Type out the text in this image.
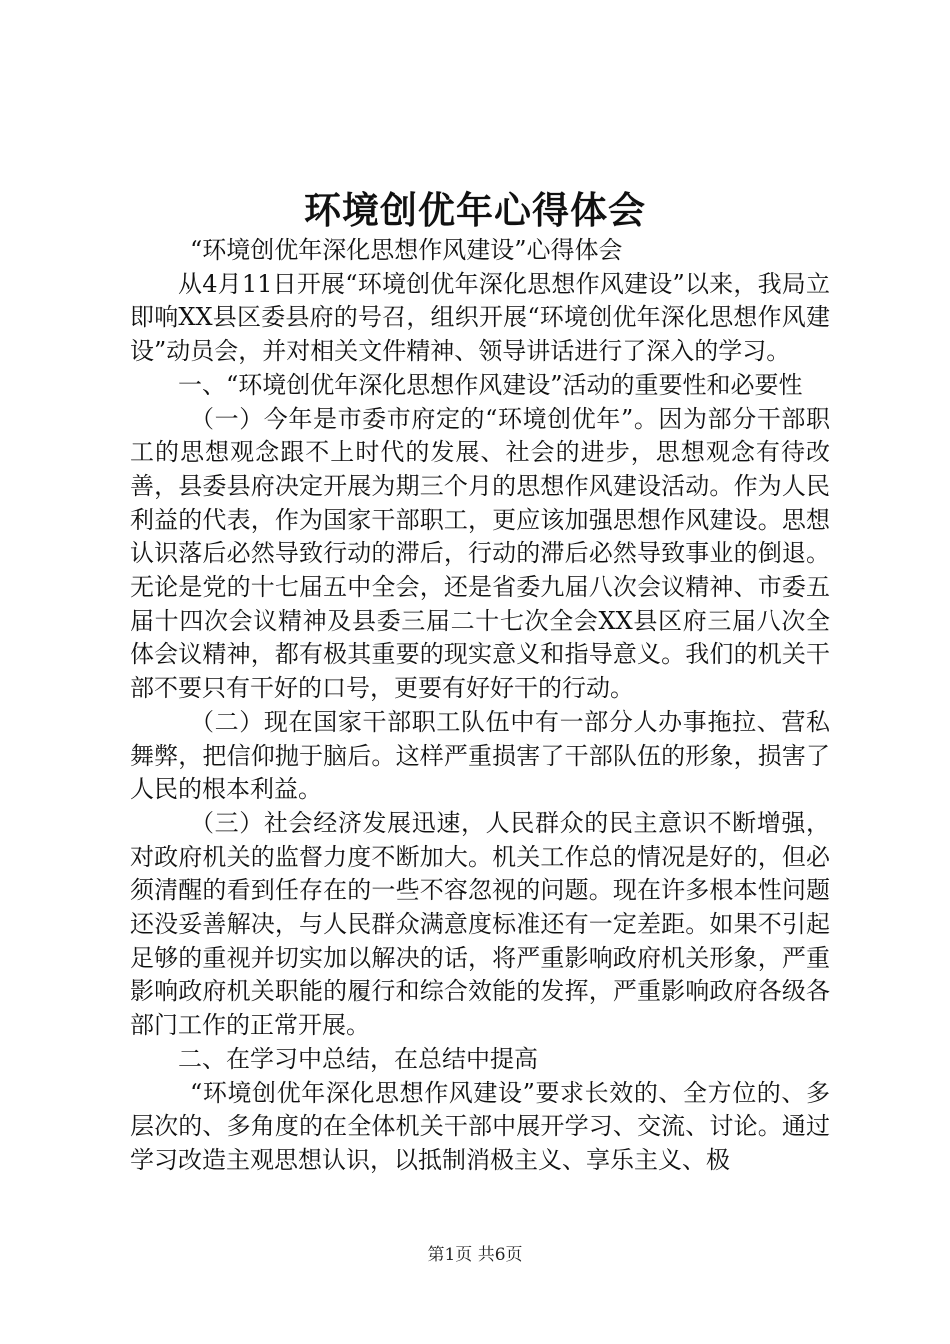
环境创优年心得体会

“环境创优年深化思想作风建设”心得体会

从4月11日开展“环境创优年深化思想作风建设”以来，我局立即响XX县区委县府的号召，组织开展“环境创优年深化思想作风建设”动员会，并对相关文件精神、领导讲话进行了深入的学习。

一、“环境创优年深化思想作风建设”活动的重要性和必要性

（一）今年是市委市府定的“环境创优年”。因为部分干部职工的思想观念跟不上时代的发展、社会的进步，思想观念有待改善，县委县府决定开展为期三个月的思想作风建设活动。作为人民利益的代表，作为国家干部职工，更应该加强思想作风建设。思想认识落后必然导致行动的滞后，行动的滞后必然导致事业的倒退。无论是党的十七届五中全会，还是省委九届八次会议精神、市委五届十四次会议精神及县委三届二十七次全会XX县区府三届八次全体会议精神，都有极其重要的现实意义和指导意义。我们的机关干部不要只有干好的口号，更要有好好干的行动。

（二）现在国家干部职工队伍中有一部分人办事拖拉、营私舞弊，把信仰抛于脑后。这样严重损害了干部队伍的形象，损害了人民的根本利益。

（三）社会经济发展迅速，人民群众的民主意识不断增强，对政府机关的监督力度不断加大。机关工作总的情况是好的，但必须清醒的看到任存在的一些不容忽视的问题。现在许多根本性问题还没妥善解决，与人民群众满意度标准还有一定差距。如果不引起足够的重视并切实加以解决的话，将严重影响政府机关形象，严重影响政府机关职能的履行和综合效能的发挥，严重影响政府各级各部门工作的正常开展。

二、在学习中总结，在总结中提高

“环境创优年深化思想作风建设”要求长效的、全方位的、多层次的、多角度的在全体机关干部中展开学习、交流、讨论。通过学习改造主观思想认识，以抵制消极主义、享乐主义、极

第1页 共6页
